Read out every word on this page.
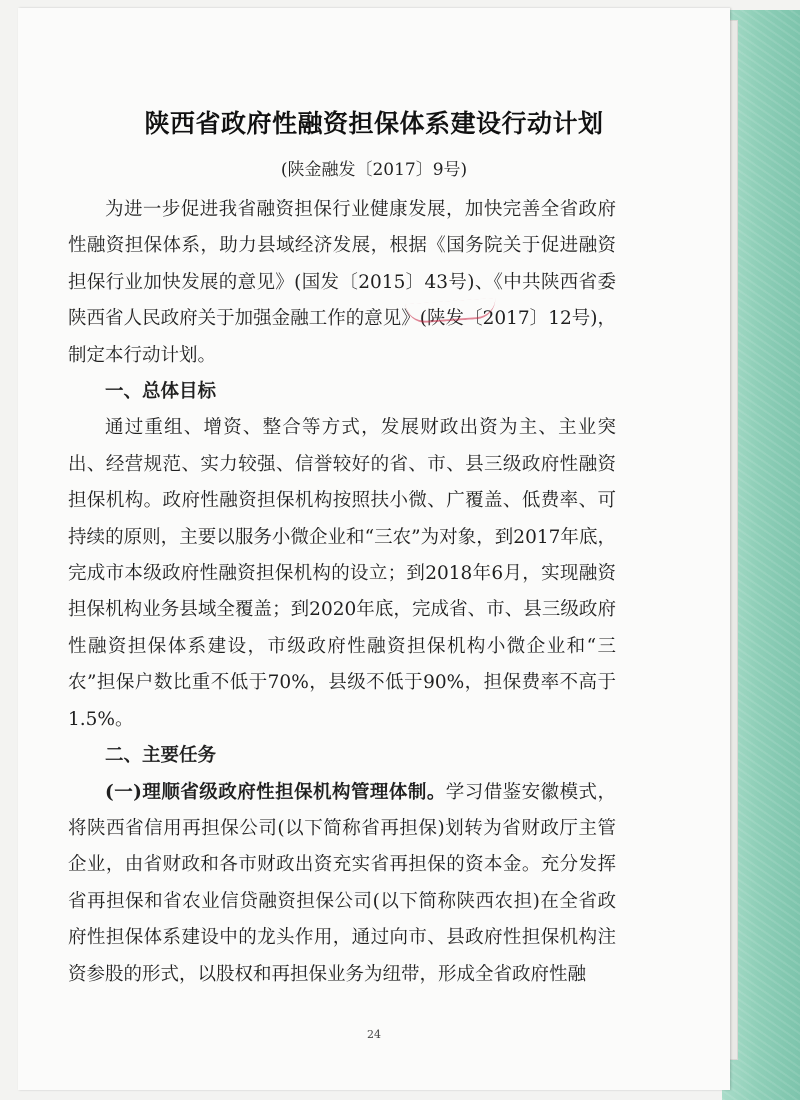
陕西省政府性融资担保体系建设行动计划

(陕金融发〔2017〕9号)

为进一步促进我省融资担保行业健康发展，加快完善全省政府性融资担保体系，助力县域经济发展，根据《国务院关于促进融资担保行业加快发展的意见》(国发〔2015〕43号)、《中共陕西省委 陕西省人民政府关于加强金融工作的意见》(陕发〔2017〕12号)，制定本行动计划。

一、总体目标

通过重组、增资、整合等方式，发展财政出资为主、主业突出、经营规范、实力较强、信誉较好的省、市、县三级政府性融资担保机构。政府性融资担保机构按照扶小微、广覆盖、低费率、可持续的原则，主要以服务小微企业和“三农”为对象，到2017年底，完成市本级政府性融资担保机构的设立；到2018年6月，实现融资担保机构业务县域全覆盖；到2020年底，完成省、市、县三级政府性融资担保体系建设，市级政府性融资担保机构小微企业和“三农”担保户数比重不低于70%，县级不低于90%，担保费率不高于1.5%。

二、主要任务

(一)理顺省级政府性担保机构管理体制。学习借鉴安徽模式，将陕西省信用再担保公司(以下简称省再担保)划转为省财政厅主管企业，由省财政和各市财政出资充实省再担保的资本金。充分发挥省再担保和省农业信贷融资担保公司(以下简称陕西农担)在全省政府性担保体系建设中的龙头作用，通过向市、县政府性担保机构注资参股的形式，以股权和再担保业务为纽带，形成全省政府性融

24
